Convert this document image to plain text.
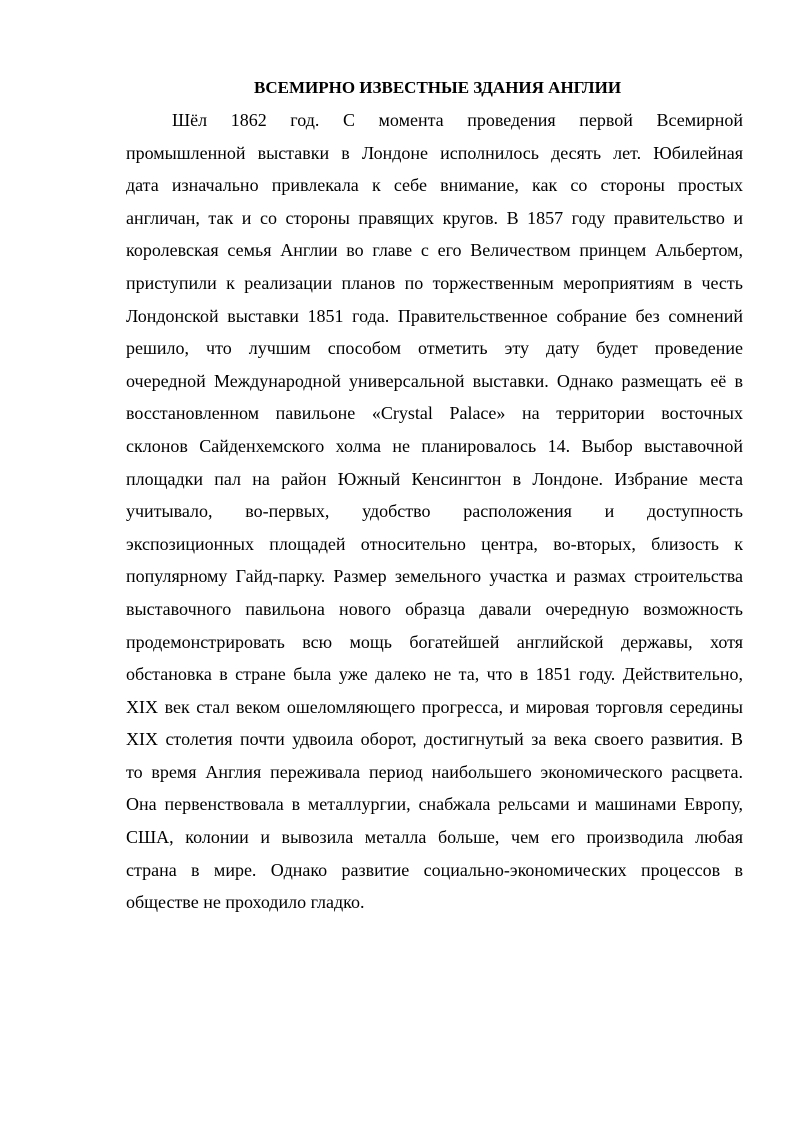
ВСЕМИРНО ИЗВЕСТНЫЕ ЗДАНИЯ АНГЛИИ
Шёл 1862 год. С момента проведения первой Всемирной
промышленной выставки в Лондоне исполнилось десять лет. Юбилейная
дата изначально привлекала к себе внимание, как со стороны простых
англичан, так и со стороны правящих кругов. В 1857 году правительство и
королевская семья Англии во главе с его Величеством принцем Альбертом,
приступили к реализации планов по торжественным мероприятиям в честь
Лондонской выставки 1851 года. Правительственное собрание без сомнений
решило, что лучшим способом отметить эту дату будет проведение
очередной Международной универсальной выставки. Однако размещать её в
восстановленном павильоне «Crystal Palace» на территории восточных
склонов Сайденхемского холма не планировалось 14. Выбор выставочной
площадки пал на район Южный Кенсингтон в Лондоне. Избрание места
учитывало, во-первых, удобство расположения и доступность
экспозиционных площадей относительно центра, во-вторых, близость к
популярному Гайд-парку. Размер земельного участка и размах строительства
выставочного павильона нового образца давали очередную возможность
продемонстрировать всю мощь богатейшей английской державы, хотя
обстановка в стране была уже далеко не та, что в 1851 году. Действительно,
XIX век стал веком ошеломляющего прогресса, и мировая торговля середины
XIX столетия почти удвоила оборот, достигнутый за века своего развития. В
то время Англия переживала период наибольшего экономического расцвета.
Она первенствовала в металлургии, снабжала рельсами и машинами Европу,
США, колонии и вывозила металла больше, чем его производила любая
страна в мире. Однако развитие социально-экономических процессов в
обществе не проходило гладко.
